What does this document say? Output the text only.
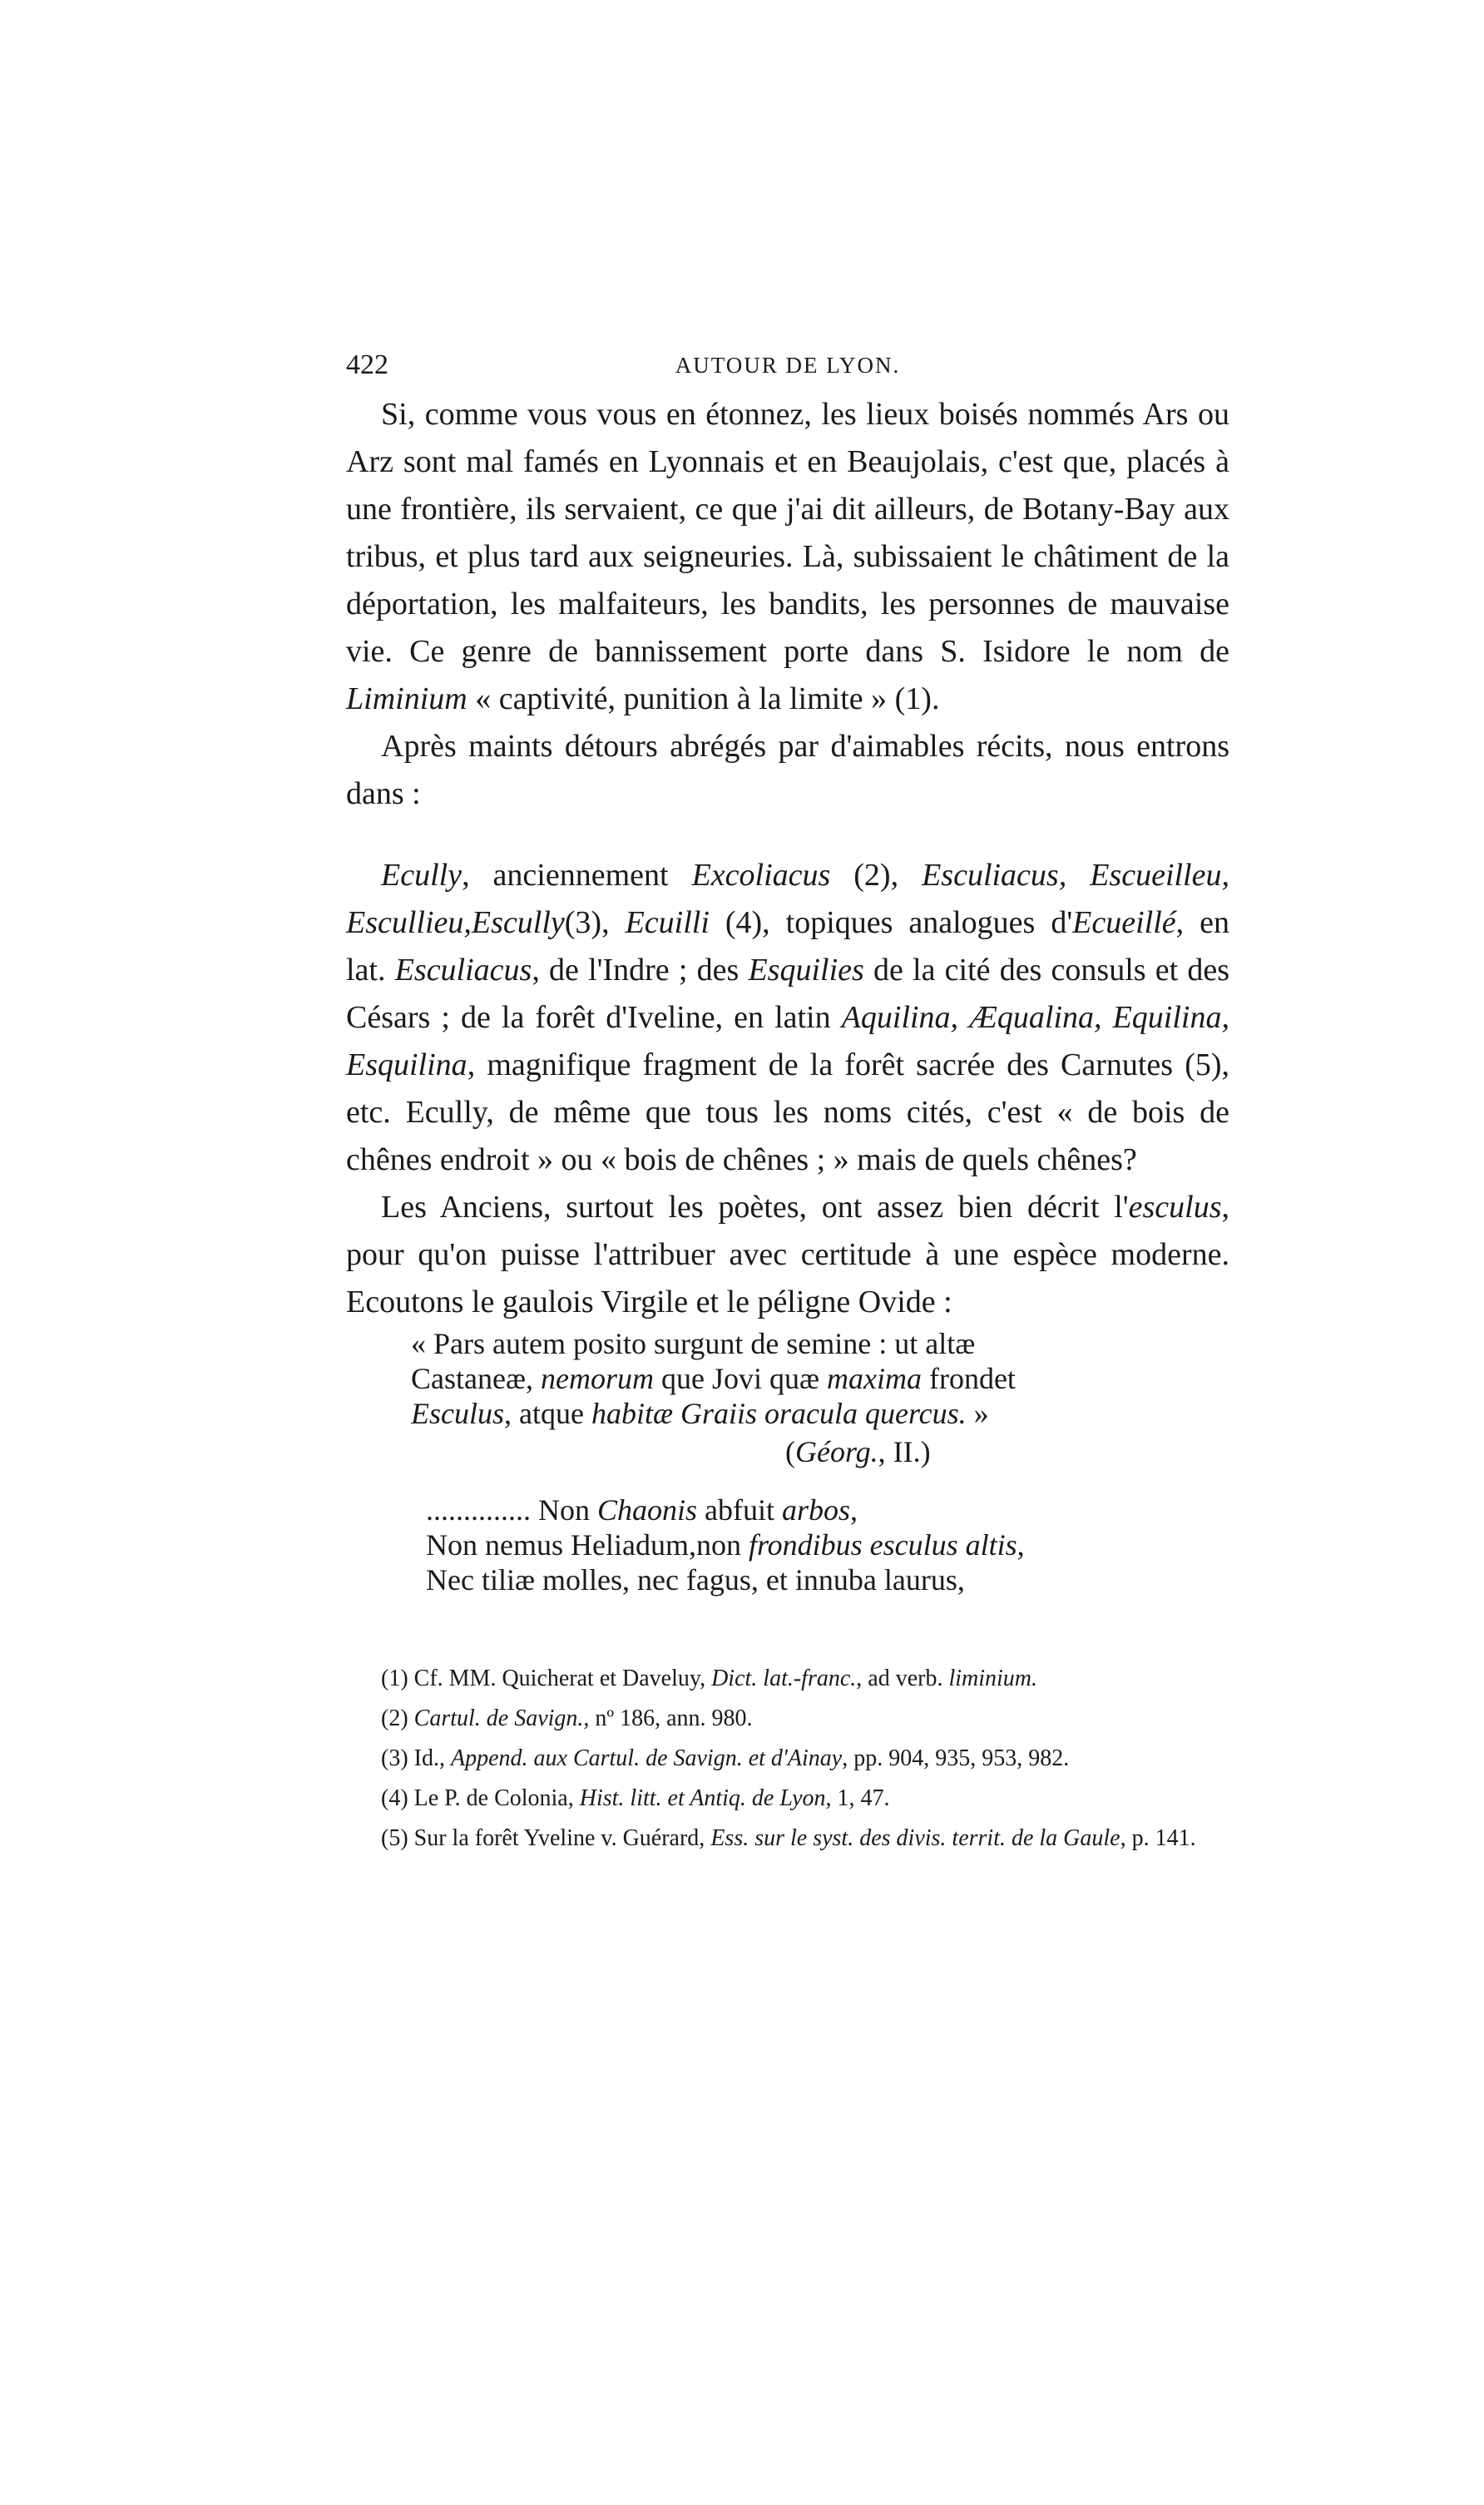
422	AUTOUR DE LYON.

Si, comme vous vous en étonnez, les lieux boisés nommés Ars ou Arz sont mal famés en Lyonnais et en Beaujolais, c'est que, placés à une frontière, ils servaient, ce que j'ai dit ailleurs, de Botany-Bay aux tribus, et plus tard aux seigneuries. Là, subissaient le châtiment de la déportation, les malfaiteurs, les bandits, les personnes de mauvaise vie. Ce genre de bannissement porte dans S. Isidore le nom de Liminium « captivité, punition à la limite » (1).

Après maints détours abrégés par d'aimables récits, nous entrons dans :

Ecully, anciennement Excoliacus (2), Esculiacus, Escueilleu, Escullieu,Escully(3), Ecuilli (4), topiques analogues d'Ecueillé, en lat. Esculiacus, de l'Indre ; des Esquilies de la cité des consuls et des Césars ; de la forêt d'Iveline, en latin Aquilina, Æqualina, Equilina, Esquilina, magnifique fragment de la forêt sacrée des Carnutes (5), etc. Ecully, de même que tous les noms cités, c'est « de bois de chênes endroit » ou « bois de chênes ; » mais de quels chênes?

Les Anciens, surtout les poètes, ont assez bien décrit l'esculus, pour qu'on puisse l'attribuer avec certitude à une espèce moderne. Ecoutons le gaulois Virgile et le péligne Ovide :

« Pars autem posito surgunt de semine : ut altæ
Castaneæ, nemorum que Jovi quæ maxima frondet
Esculus, atque habitæ Graiis oracula quercus. »
(Géorg., II.)
.............. Non Chaonis abfuit arbos,
Non nemus Heliadum,non frondibus esculus altis,
Nec tiliæ molles, nec fagus, et innuba laurus,
(1) Cf. MM. Quicherat et Daveluy, Dict. lat.-franc., ad verb. liminium.
(2) Cartul. de Savign., nº 186, ann. 980.
(3) Id., Append. aux Cartul. de Savign. et d'Ainay, pp. 904, 935, 953, 982.
(4) Le P. de Colonia, Hist. litt. et Antiq. de Lyon, 1, 47.
(5) Sur la forêt Yveline v. Guérard, Ess. sur le syst. des divis. territ. de la Gaule, p. 141.
